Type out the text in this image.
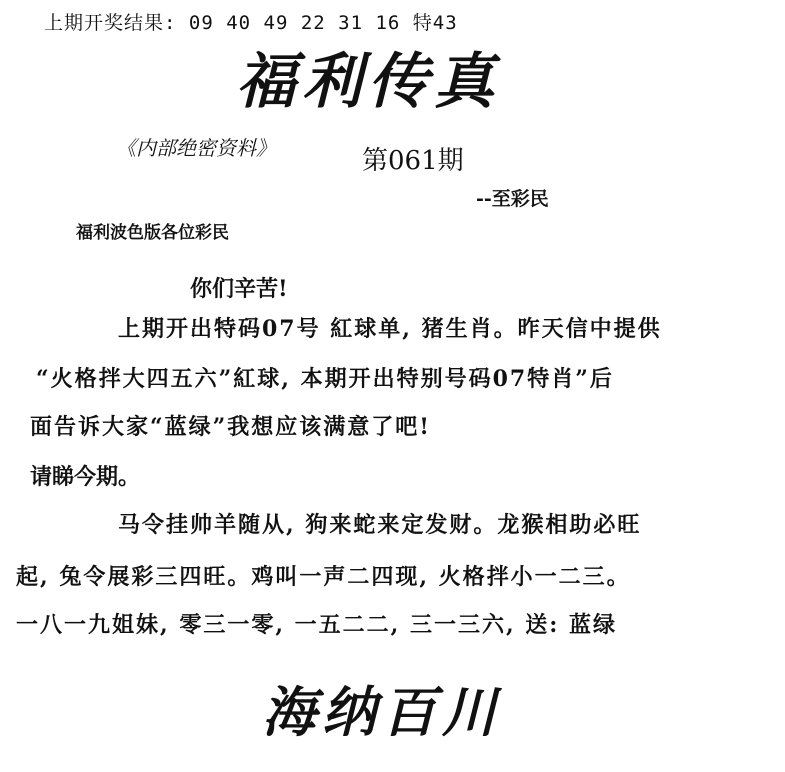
上期开奖结果: 09 40 49 22 31 16 特43
福利传真
《内部绝密资料》	第061期
--至彩民
福利波色版各位彩民
你们辛苦!
上期开出特码07号 紅球单, 猪生肖。昨天信中提供
“火格拌大四五六”紅球, 本期开出特别号码07特肖”后
面告诉大家“蓝绿”我想应该满意了吧!
请睇今期。
马令挂帅羊随从, 狗来蛇来定发财。龙猴相助必旺
起, 兔令展彩三四旺。鸡叫一声二四现, 火格拌小一二三。
一八一九姐妹, 零三一零, 一五二二, 三一三六, 送: 蓝绿
海纳百川
